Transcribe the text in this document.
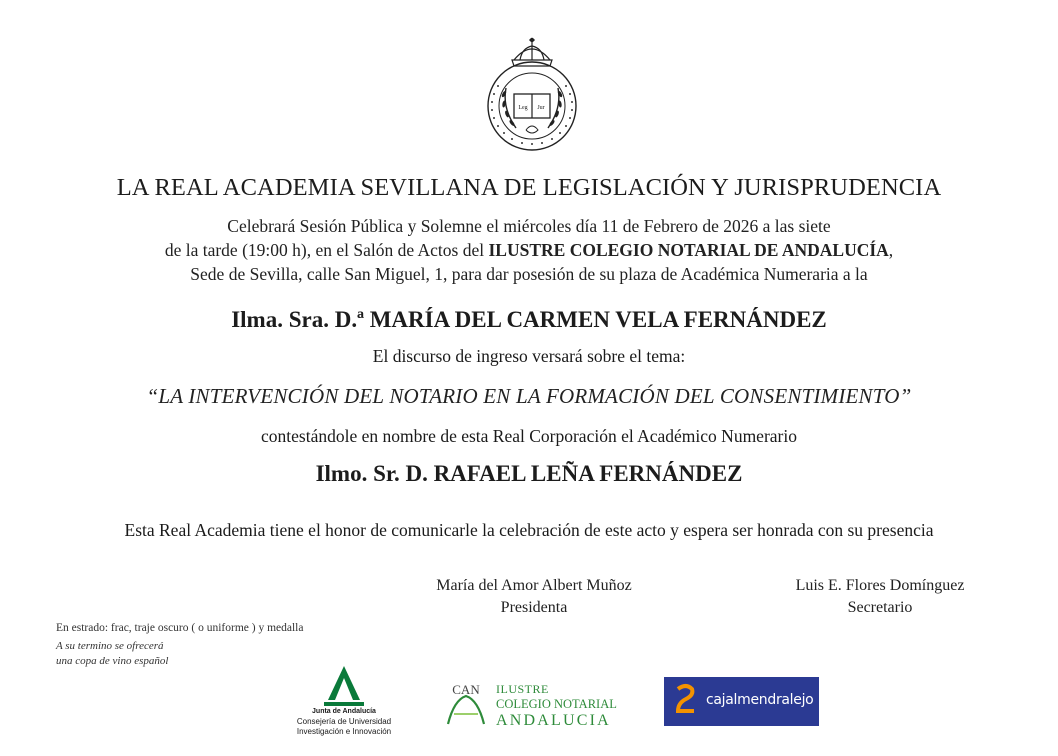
Leg Jur
LA REAL ACADEMIA SEVILLANA DE LEGISLACIÓN Y JURISPRUDENCIA
Celebrará Sesión Pública y Solemne el miércoles día 11 de Febrero de 2026 a las siete
de la tarde (19:00 h), en el Salón de Actos del ILUSTRE COLEGIO NOTARIAL DE ANDALUCÍA,
Sede de Sevilla, calle San Miguel, 1, para dar posesión de su plaza de Académica Numeraria a la
Ilma. Sra. D.ª MARÍA DEL CARMEN VELA FERNÁNDEZ
El discurso de ingreso versará sobre el tema:
“LA INTERVENCIÓN DEL NOTARIO EN LA FORMACIÓN DEL CONSENTIMIENTO”
contestándole en nombre de esta Real Corporación el Académico Numerario
Ilmo. Sr. D. RAFAEL LEÑA FERNÁNDEZ
Esta Real Academia tiene el honor de comunicarle la celebración de este acto y espera ser honrada con su presencia
María del Amor Albert Muñoz
Presidenta
Luis E. Flores Domínguez
Secretario
En estrado: frac, traje oscuro ( o uniforme ) y medalla
A su termino se ofrecerá
una copa de vino español
Junta de Andalucía
Consejería de Universidad
Investigación e Innovación
CAN ILUSTRE
COLEGIO NOTARIAL
ANDALUCIA
cajalmendralejo
